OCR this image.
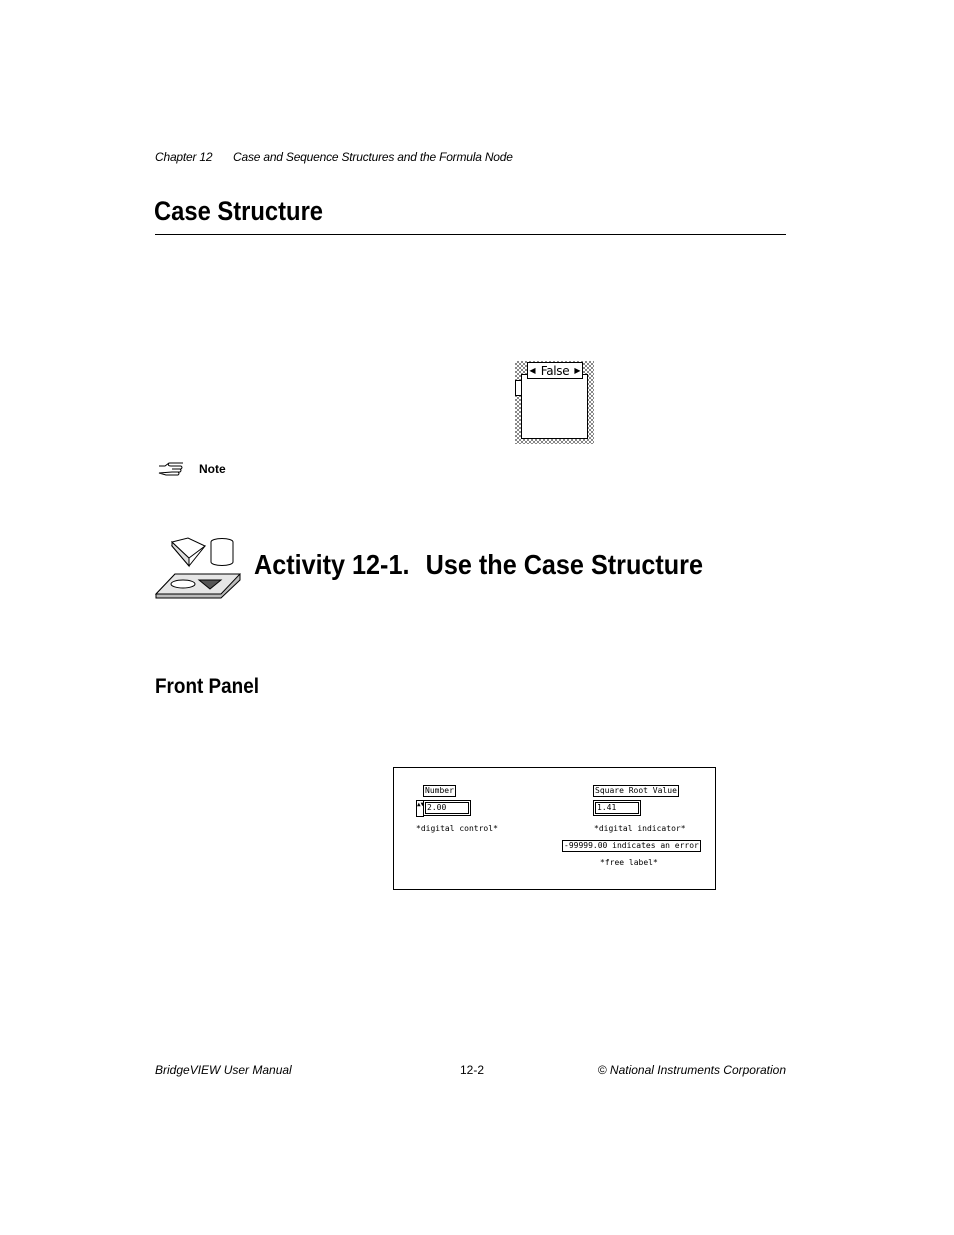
Chapter 12 Case and Sequence Structures and the Formula Node
Case Structure
◀ False ▶
Note
Activity 12-1. Use the Case Structure
Front Panel
Number
▲▼ 2.00
*digital control*
Square Root Value
1.41
*digital indicator*
-99999.00 indicates an error
*free label*
BridgeVIEW User Manual	12-2	© National Instruments Corporation
